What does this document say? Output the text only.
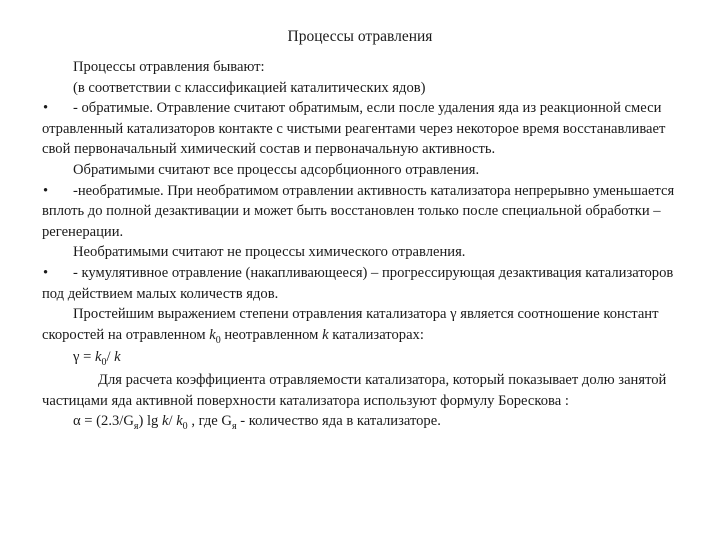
Процессы отравления

Процессы отравления бывают:

(в соответствии с классификацией каталитических ядов)

• - обратимые. Отравление считают обратимым, если после удаления яда из реакционной смеси отравленный катализаторов контакте с чистыми реагентами через некоторое время восстанавливает свой первоначальный химический состав и первоначальную активность.

Обратимыми считают все процессы адсорбционного отравления.

• -необратимые. При необратимом отравлении активность катализатора непрерывно уменьшается вплоть до полной дезактивации и может быть восстановлен только после специальной обработки –регенерации.

Необратимыми считают не процессы химического отравления.

• - кумулятивное отравление (накапливающееся) – прогрессирующая дезактивация катализаторов под действием малых количеств ядов.

Простейшим выражением степени отравления катализатора γ является соотношение констант скоростей на отравленном $k_0$ неотравленном k катализаторах:

$\gamma = k_0/$ k

Для расчета коэффициента отравляемости катализатора, который показывает долю занятой частицами яда активной поверхности катализатора используют формулу Борескова :

$\alpha = (2.3/G_я)$ lg k/ $k_0$ , где $G_я$ - количество яда в катализаторе.
